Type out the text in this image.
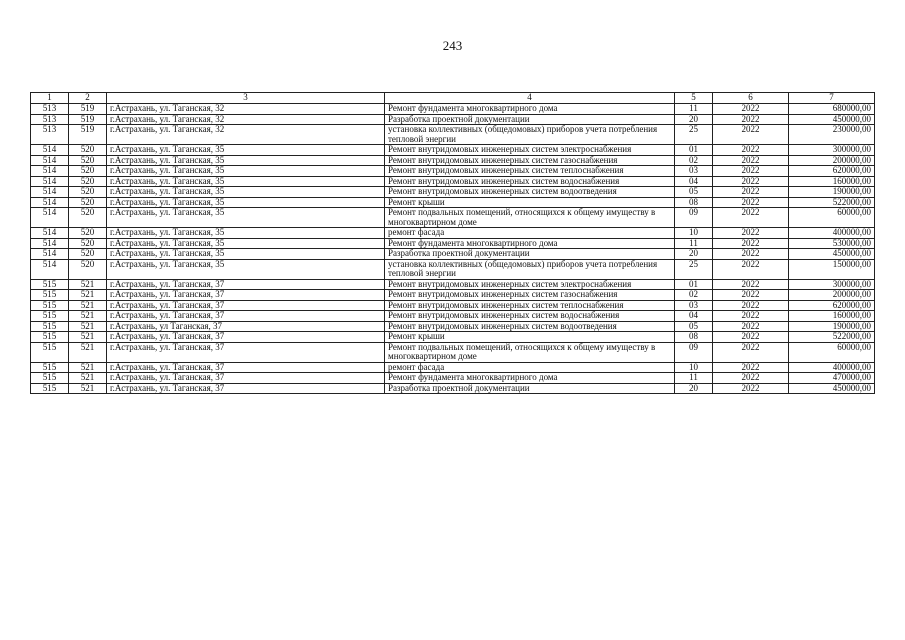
243
1	2	3	4	5	6	7
513	519	г.Астрахань, ул. Таганская, 32	Ремонт фундамента многоквартирного дома	11	2022	680000,00
513	519	г.Астрахань, ул. Таганская, 32	Разработка проектной документации	20	2022	450000,00
513	519	г.Астрахань, ул. Таганская, 32	установка коллективных (общедомовых) приборов учета потребления тепловой энергии	25	2022	230000,00
514	520	г.Астрахань, ул. Таганская, 35	Ремонт внутридомовых инженерных систем электроснабжения	01	2022	300000,00
514	520	г.Астрахань, ул. Таганская, 35	Ремонт внутридомовых инженерных систем газоснабжения	02	2022	200000,00
514	520	г.Астрахань, ул. Таганская, 35	Ремонт внутридомовых инженерных систем теплоснабжения	03	2022	620000,00
514	520	г.Астрахань, ул. Таганская, 35	Ремонт внутридомовых инженерных систем водоснабжения	04	2022	160000,00
514	520	г.Астрахань, ул. Таганская, 35	Ремонт внутридомовых инженерных систем водоотведения	05	2022	190000,00
514	520	г.Астрахань, ул. Таганская, 35	Ремонт крыши	08	2022	522000,00
514	520	г.Астрахань, ул. Таганская, 35	Ремонт подвальных помещений, относящихся к общему имуществу в многоквартирном доме	09	2022	60000,00
514	520	г.Астрахань, ул. Таганская, 35	ремонт фасада	10	2022	400000,00
514	520	г.Астрахань, ул. Таганская, 35	Ремонт фундамента многоквартирного дома	11	2022	530000,00
514	520	г.Астрахань, ул. Таганская, 35	Разработка проектной документации	20	2022	450000,00
514	520	г.Астрахань, ул. Таганская, 35	установка коллективных (общедомовых) приборов учета потребления тепловой энергии	25	2022	150000,00
515	521	г.Астрахань, ул. Таганская, 37	Ремонт внутридомовых инженерных систем электроснабжения	01	2022	300000,00
515	521	г.Астрахань, ул. Таганская, 37	Ремонт внутридомовых инженерных систем газоснабжения	02	2022	200000,00
515	521	г.Астрахань, ул. Таганская, 37	Ремонт внутридомовых инженерных систем теплоснабжения	03	2022	620000,00
515	521	г.Астрахань, ул. Таганская, 37	Ремонт внутридомовых инженерных систем водоснабжения	04	2022	160000,00
515	521	г.Астрахань, ул Таганская, 37	Ремонт внутридомовых инженерных систем водоотведения	05	2022	190000,00
515	521	г.Астрахань, ул. Таганская, 37	Ремонт крыши	08	2022	522000,00
515	521	г.Астрахань, ул. Таганская, 37	Ремонт подвальных помещений, относящихся к общему имуществу в многоквартирном доме	09	2022	60000,00
515	521	г.Астрахань, ул. Таганская, 37	ремонт фасада	10	2022	400000,00
515	521	г.Астрахань, ул. Таганская, 37	Ремонт фундамента многоквартирного дома	11	2022	470000,00
515	521	г.Астрахань, ул. Таганская, 37	Разработка проектной документации	20	2022	450000,00
